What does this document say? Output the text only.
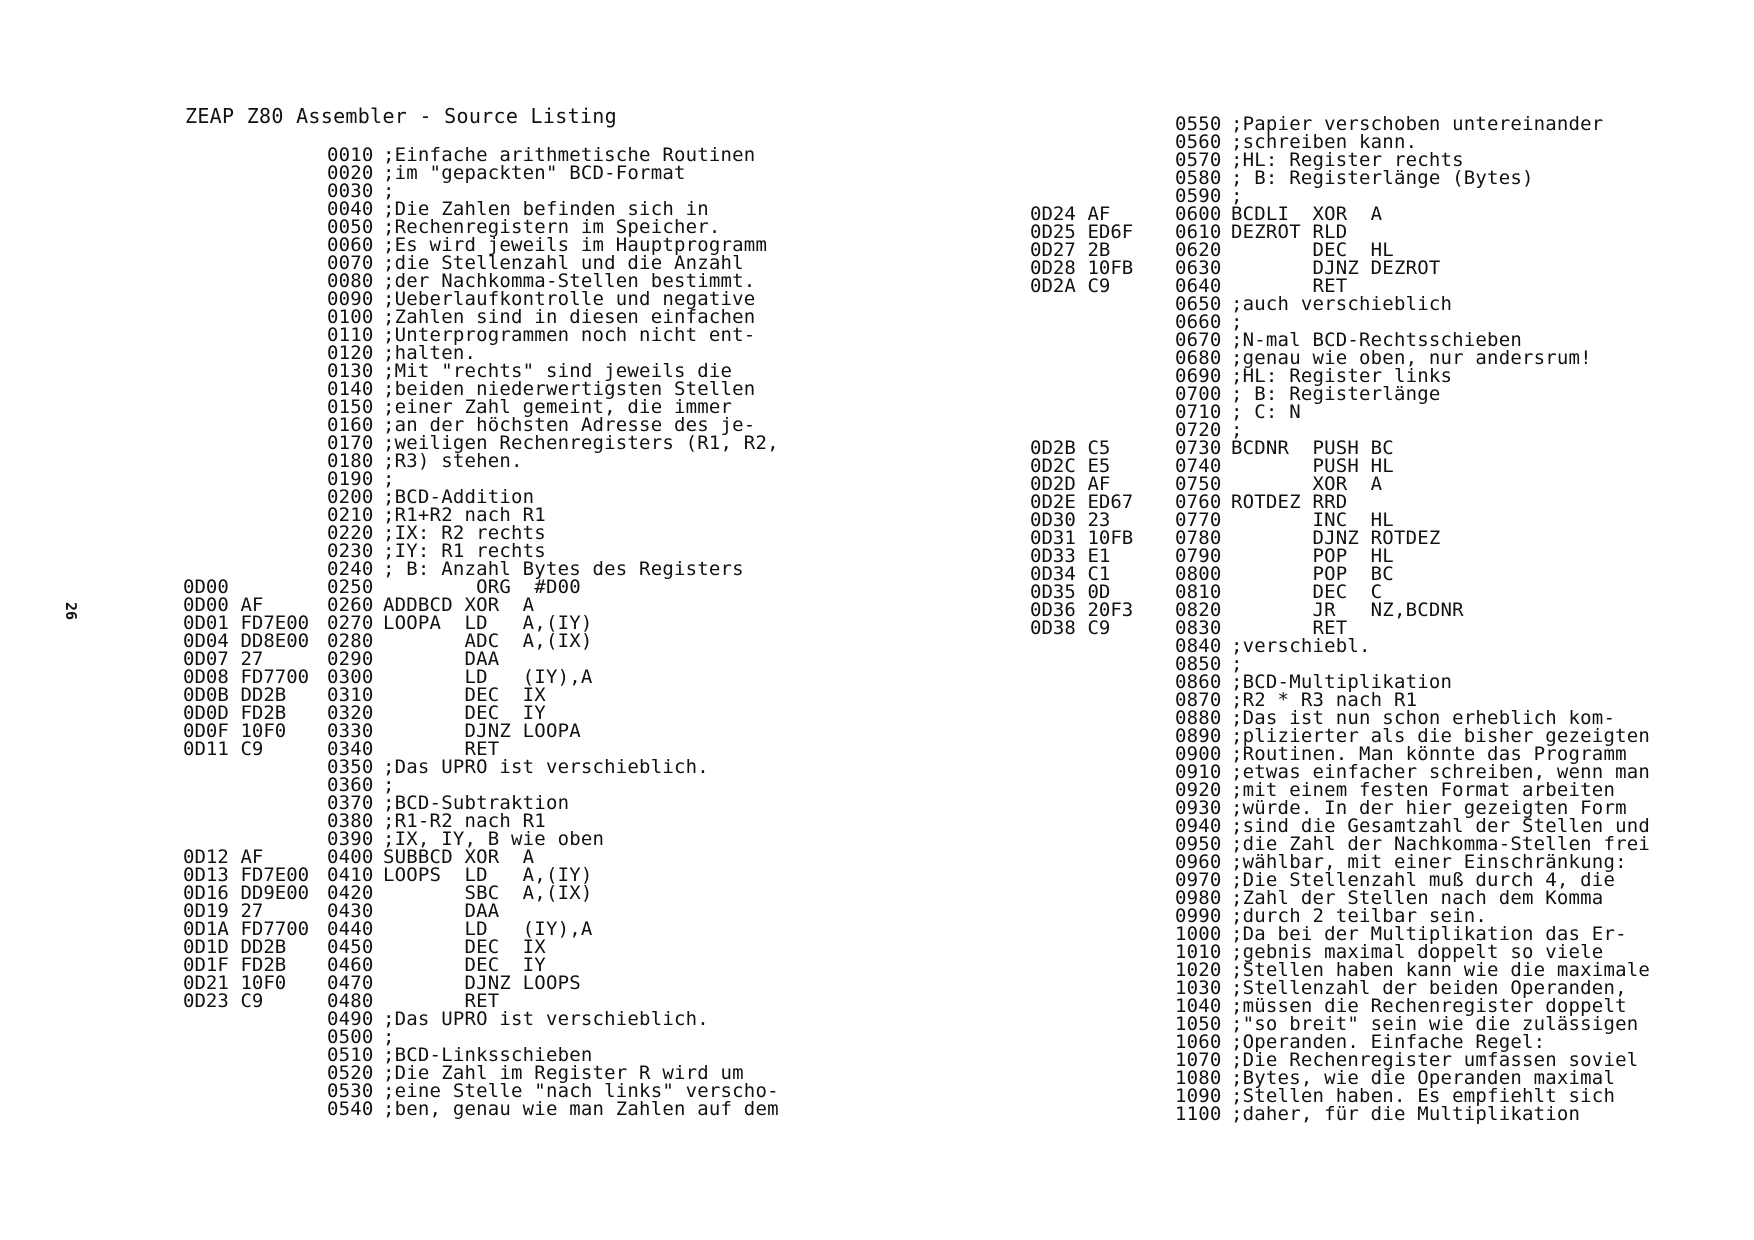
ZEAP Z80 Assembler - Source Listing
26
0D00

0D00
AF
0D01
FD7E00
0D04
DD8E00
0D07
27
0D08
FD7700
0D0B
DD2B
0D0D
FD2B
0D0F
10F0
0D11
C9
0D12
AF
0D13
FD7E00
0D16
DD9E00
0D19
27
0D1A
FD7700
0D1D
DD2B
0D1F
FD2B
0D21
10F0
0D23
C9
0010 ;Einfache arithmetische Routinen
0020 ;im "gepackten" BCD-Format
0030 ;
0040 ;Die Zahlen befinden sich in
0050 ;Rechenregistern im Speicher.
0060 ;Es wird jeweils im Hauptprogramm
0070 ;die Stellenzahl und die Anzahl
0080 ;der Nachkomma-Stellen bestimmt.
0090 ;Ueberlaufkontrolle und negative
0100 ;Zahlen sind in diesen einfachen
0110 ;Unterprogrammen noch nicht ent-
0120 ;halten.
0130 ;Mit "rechts" sind jeweils die
0140 ;beiden niederwertigsten Stellen
0150 ;einer Zahl gemeint, die immer
0160 ;an der höchsten Adresse des je-
0170 ;weiligen Rechenregisters (R1, R2,
0180 ;R3) stehen.
0190 ;
0200 ;BCD-Addition
0210 ;R1+R2 nach R1
0220 ;IX: R2 rechts
0230 ;IY: R1 rechts
0240 ; B: Anzahl Bytes des Registers
0250 ORG  #D00
0260 ADDBCD XOR  A
0270 LOOPA  LD   A,(IY)
0280 ADC  A,(IX)
0290 DAA
0300 LD   (IY),A
0310 DEC  IX
0320 DEC  IY
0330 DJNZ LOOPA
0340 RET
0350 ;Das UPRO ist verschieblich.
0360 ;
0370 ;BCD-Subtraktion
0380 ;R1-R2 nach R1
0390 ;IX, IY, B wie oben
0400 SUBBCD XOR  A
0410 LOOPS  LD   A,(IY)
0420 SBC  A,(IX)
0430 DAA
0440 LD   (IY),A
0450 DEC  IX
0460 DEC  IY
0470 DJNZ LOOPS
0480 RET
0490 ;Das UPRO ist verschieblich.
0500 ;
0510 ;BCD-Linksschieben
0520 ;Die Zahl im Register R wird um
0530 ;eine Stelle "nach links" verscho-
0540 ;ben, genau wie man Zahlen auf dem
0D24
AF
0D25
ED6F
0D27
2B
0D28
10FB
0D2A
C9
0D2B
C5
0D2C
E5
0D2D
AF
0D2E
ED67
0D30
23
0D31
10FB
0D33
E1
0D34
C1
0D35
0D
0D36
20F3
0D38
C9
0550 ;Papier verschoben untereinander
0560 ;schreiben kann.
0570 ;HL: Register rechts
0580 ; B: Registerlänge (Bytes)
0590 ;
0600 BCDLI  XOR  A
0610 DEZROT RLD
0620 DEC  HL
0630 DJNZ DEZROT
0640 RET
0650 ;auch verschieblich
0660 ;
0670 ;N-mal BCD-Rechtsschieben
0680 ;genau wie oben, nur andersrum!
0690 ;HL: Register links
0700 ; B: Registerlänge
0710 ; C: N
0720 ;
0730 BCDNR  PUSH BC
0740 PUSH HL
0750 XOR  A
0760 ROTDEZ RRD
0770 INC  HL
0780 DJNZ ROTDEZ
0790 POP  HL
0800 POP  BC
0810 DEC  C
0820 JR   NZ,BCDNR
0830 RET
0840 ;verschiebl.
0850 ;
0860 ;BCD-Multiplikation
0870 ;R2 * R3 nach R1
0880 ;Das ist nun schon erheblich kom-
0890 ;plizierter als die bisher gezeigten
0900 ;Routinen. Man könnte das Programm
0910 ;etwas einfacher schreiben, wenn man
0920 ;mit einem festen Format arbeiten
0930 ;würde. In der hier gezeigten Form
0940 ;sind die Gesamtzahl der Stellen und
0950 ;die Zahl der Nachkomma-Stellen frei
0960 ;wählbar, mit einer Einschränkung:
0970 ;Die Stellenzahl muß durch 4, die
0980 ;Zahl der Stellen nach dem Komma
0990 ;durch 2 teilbar sein.
1000 ;Da bei der Multiplikation das Er-
1010 ;gebnis maximal doppelt so viele
1020 ;Stellen haben kann wie die maximale
1030 ;Stellenzahl der beiden Operanden,
1040 ;müssen die Rechenregister doppelt
1050 ;"so breit" sein wie die zulässigen
1060 ;Operanden. Einfache Regel:
1070 ;Die Rechenregister umfassen soviel
1080 ;Bytes, wie die Operanden maximal
1090 ;Stellen haben. Es empfiehlt sich
1100 ;daher, für die Multiplikation
